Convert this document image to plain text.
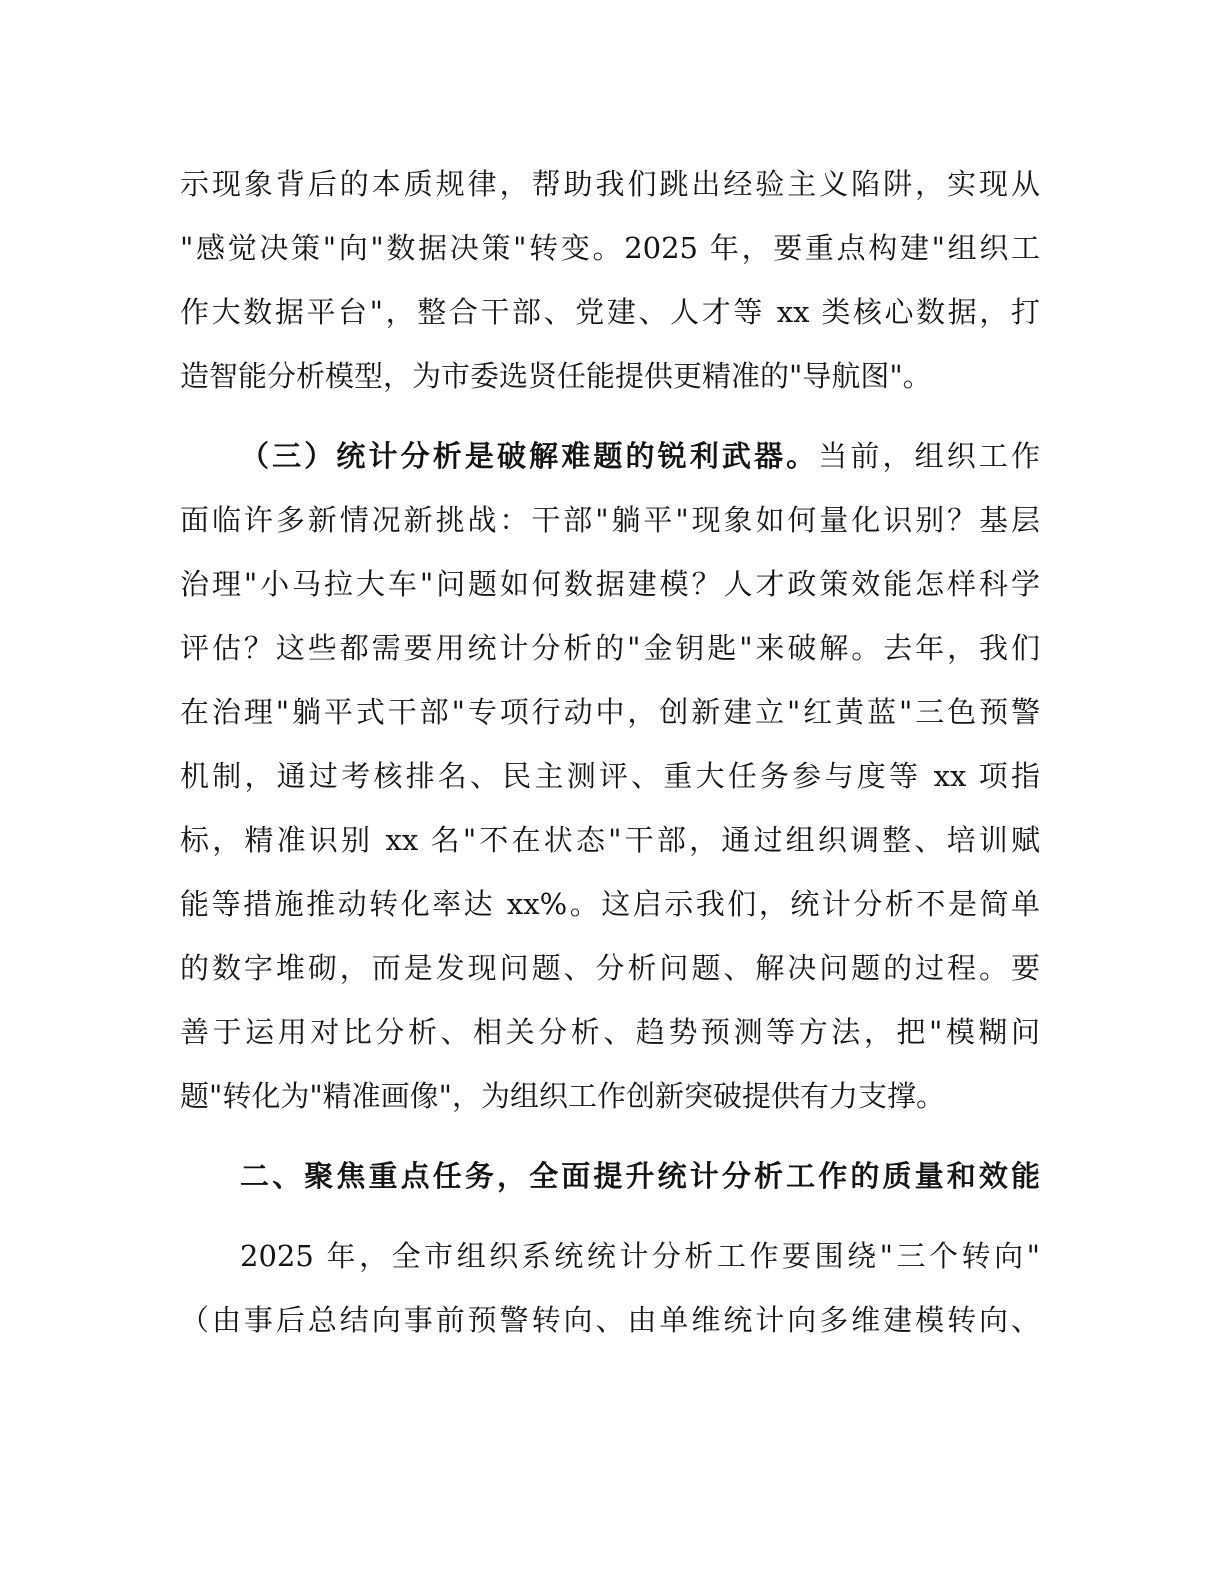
示现象背后的本质规律，帮助我们跳出经验主义陷阱，实现从
"感觉决策"向"数据决策"转变。2025 年，要重点构建"组织工
作大数据平台"，整合干部、党建、人才等 xx 类核心数据，打
造智能分析模型，为市委选贤任能提供更精准的"导航图"。
（三）统计分析是破解难题的锐利武器。当前，组织工作
面临许多新情况新挑战：干部"躺平"现象如何量化识别？基层
治理"小马拉大车"问题如何数据建模？人才政策效能怎样科学
评估？这些都需要用统计分析的"金钥匙"来破解。去年，我们
在治理"躺平式干部"专项行动中，创新建立"红黄蓝"三色预警
机制，通过考核排名、民主测评、重大任务参与度等 xx 项指
标，精准识别 xx 名"不在状态"干部，通过组织调整、培训赋
能等措施推动转化率达 xx%。这启示我们，统计分析不是简单
的数字堆砌，而是发现问题、分析问题、解决问题的过程。要
善于运用对比分析、相关分析、趋势预测等方法，把"模糊问
题"转化为"精准画像"，为组织工作创新突破提供有力支撑。
二、聚焦重点任务，全面提升统计分析工作的质量和效能
2025 年，全市组织系统统计分析工作要围绕"三个转向"
（由事后总结向事前预警转向、由单维统计向多维建模转向、
